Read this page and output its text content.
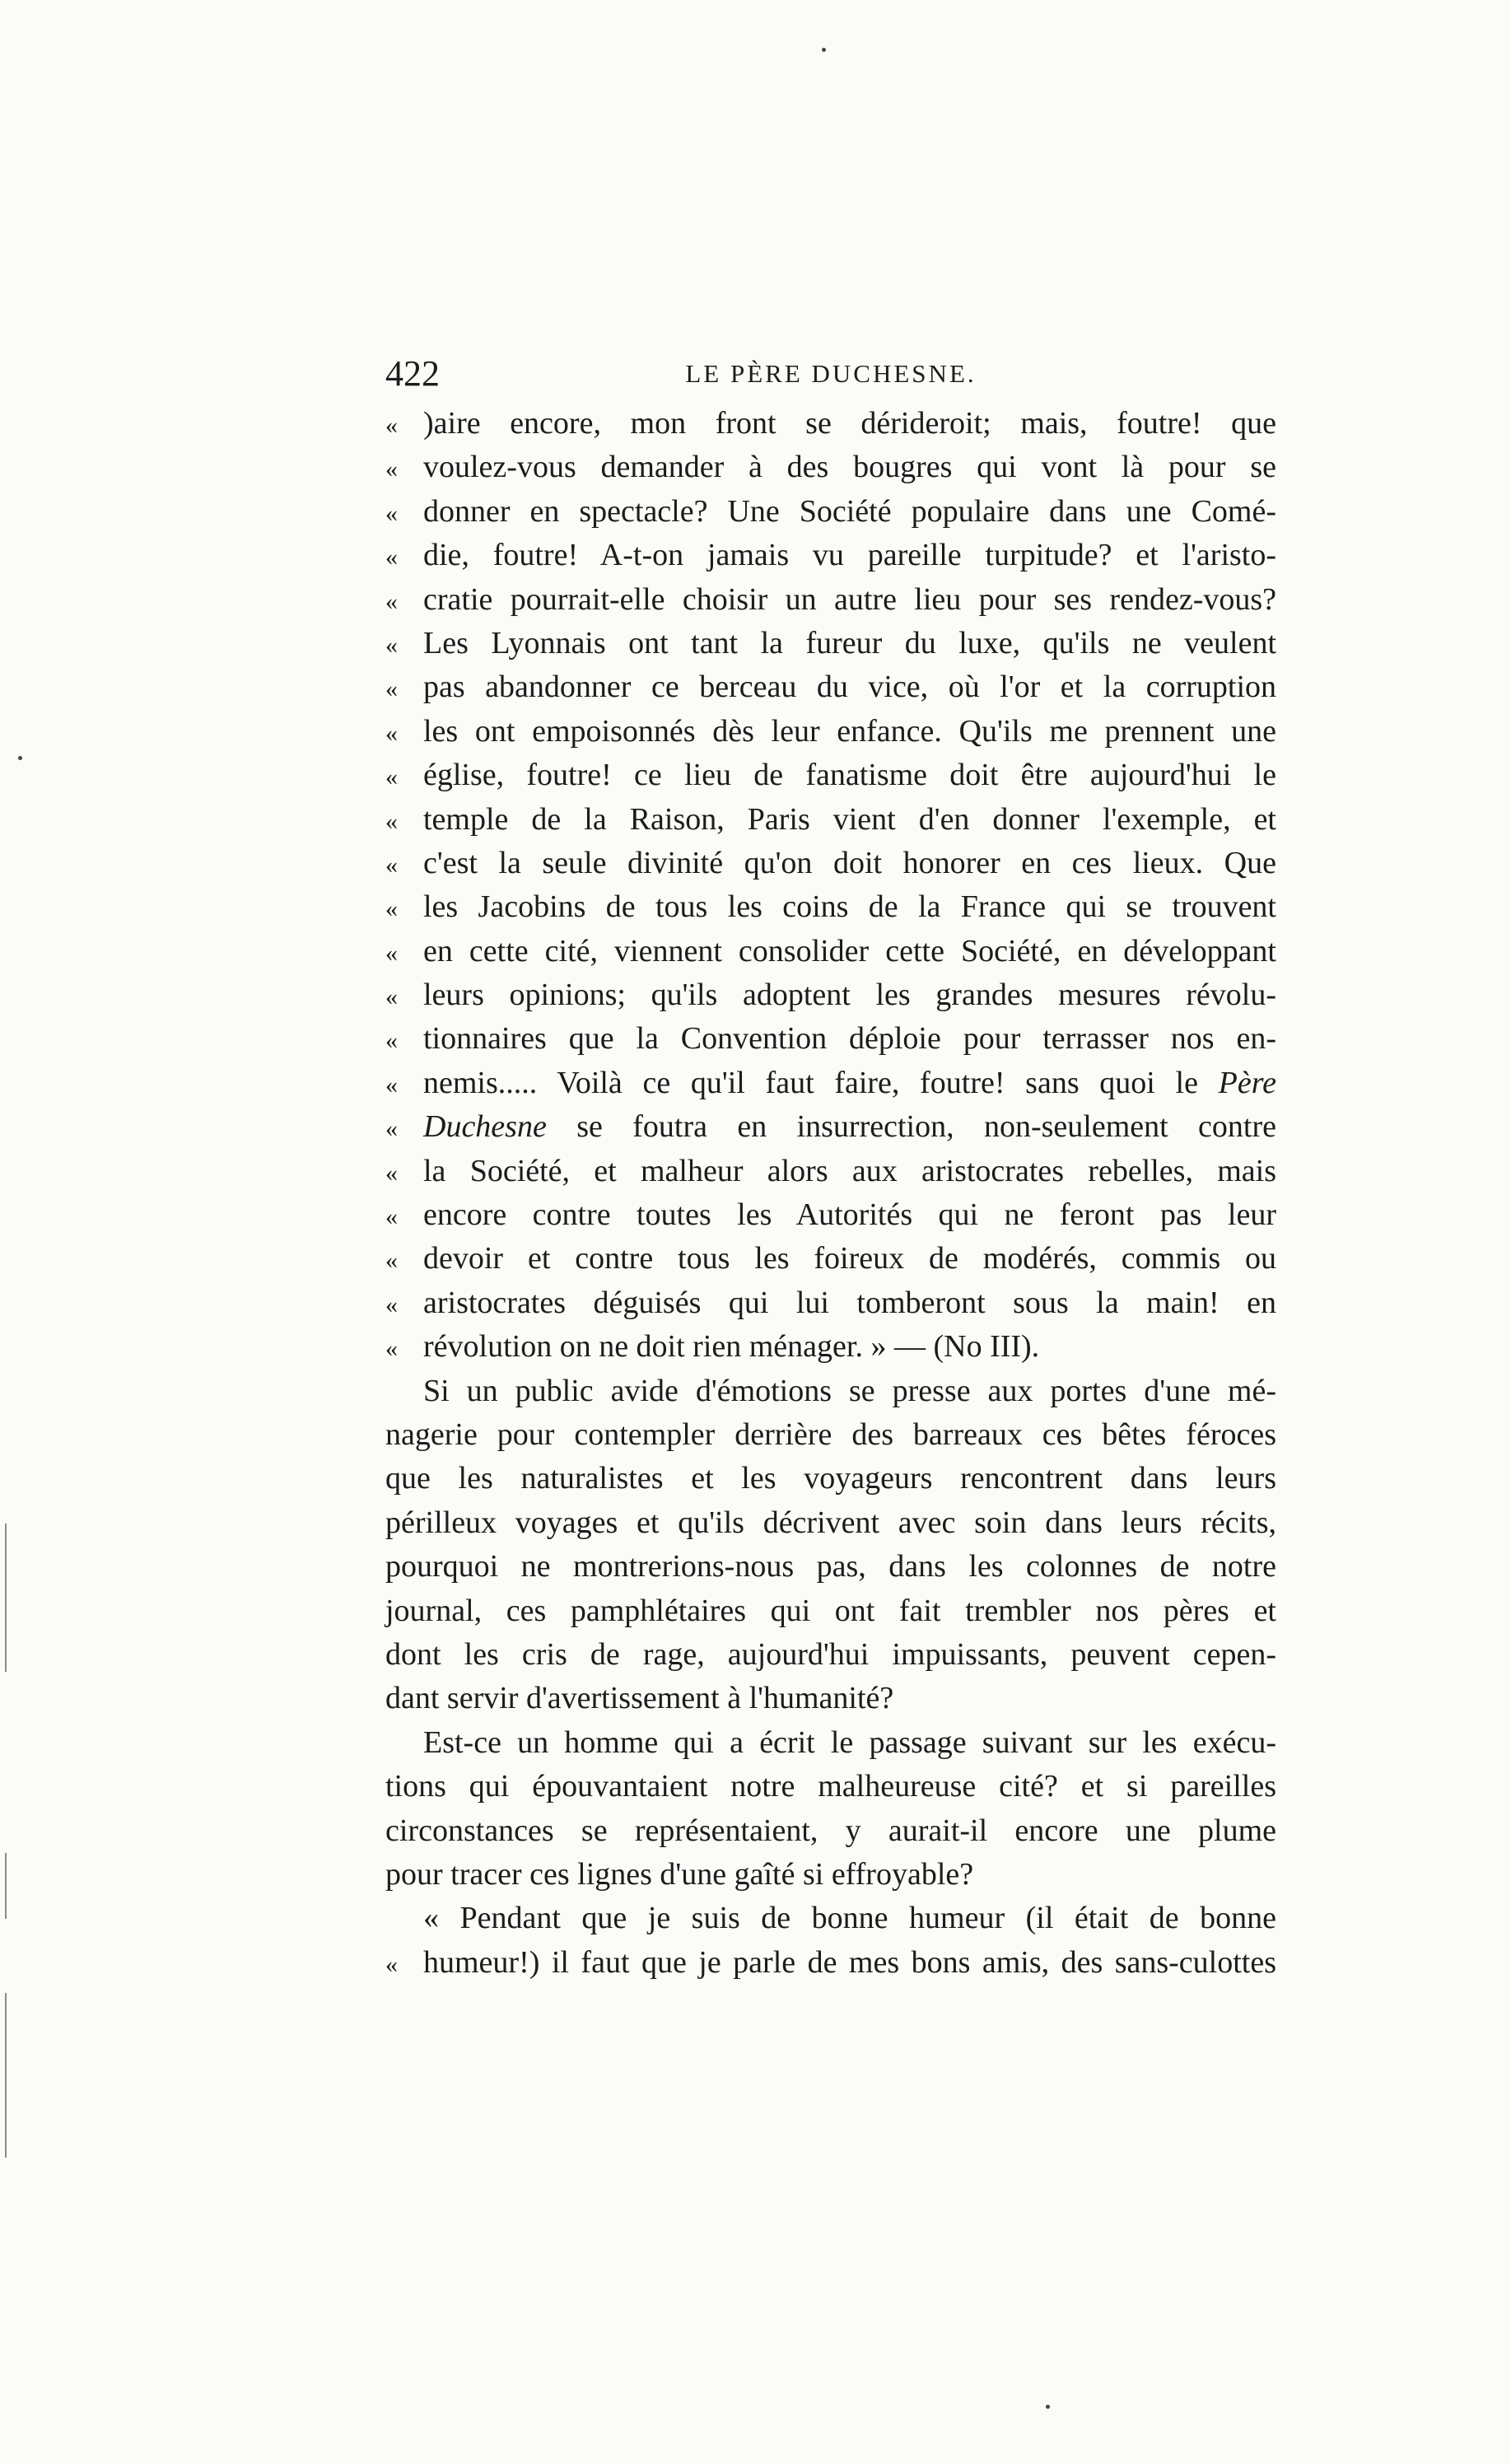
422	LE PÈRE DUCHESNE.
« )aire encore, mon front se dérideroit; mais, foutre! que
« voulez-vous demander à des bougres qui vont là pour se
« donner en spectacle? Une Société populaire dans une Comé-
« die, foutre! A-t-on jamais vu pareille turpitude? et l'aristo-
« cratie pourrait-elle choisir un autre lieu pour ses rendez-vous?
« Les Lyonnais ont tant la fureur du luxe, qu'ils ne veulent
« pas abandonner ce berceau du vice, où l'or et la corruption
« les ont empoisonnés dès leur enfance. Qu'ils me prennent une
« église, foutre! ce lieu de fanatisme doit être aujourd'hui le
« temple de la Raison, Paris vient d'en donner l'exemple, et
« c'est la seule divinité qu'on doit honorer en ces lieux. Que
« les Jacobins de tous les coins de la France qui se trouvent
« en cette cité, viennent consolider cette Société, en développant
« leurs opinions; qu'ils adoptent les grandes mesures révolu-
« tionnaires que la Convention déploie pour terrasser nos en-
« nemis..... Voilà ce qu'il faut faire, foutre! sans quoi le Père
« Duchesne se foutra en insurrection, non-seulement contre
« la Société, et malheur alors aux aristocrates rebelles, mais
« encore contre toutes les Autorités qui ne feront pas leur
« devoir et contre tous les foireux de modérés, commis ou
« aristocrates déguisés qui lui tomberont sous la main! en
« révolution on ne doit rien ménager. » — (No III).
Si un public avide d'émotions se presse aux portes d'une mé-
nagerie pour contempler derrière des barreaux ces bêtes féroces
que les naturalistes et les voyageurs rencontrent dans leurs
périlleux voyages et qu'ils décrivent avec soin dans leurs récits,
pourquoi ne montrerions-nous pas, dans les colonnes de notre
journal, ces pamphlétaires qui ont fait trembler nos pères et
dont les cris de rage, aujourd'hui impuissants, peuvent cepen-
dant servir d'avertissement à l'humanité?
Est-ce un homme qui a écrit le passage suivant sur les exécu-
tions qui épouvantaient notre malheureuse cité? et si pareilles
circonstances se représentaient, y aurait-il encore une plume
pour tracer ces lignes d'une gaîté si effroyable?
« Pendant que je suis de bonne humeur (il était de bonne
« humeur!) il faut que je parle de mes bons amis, des sans-culottes
